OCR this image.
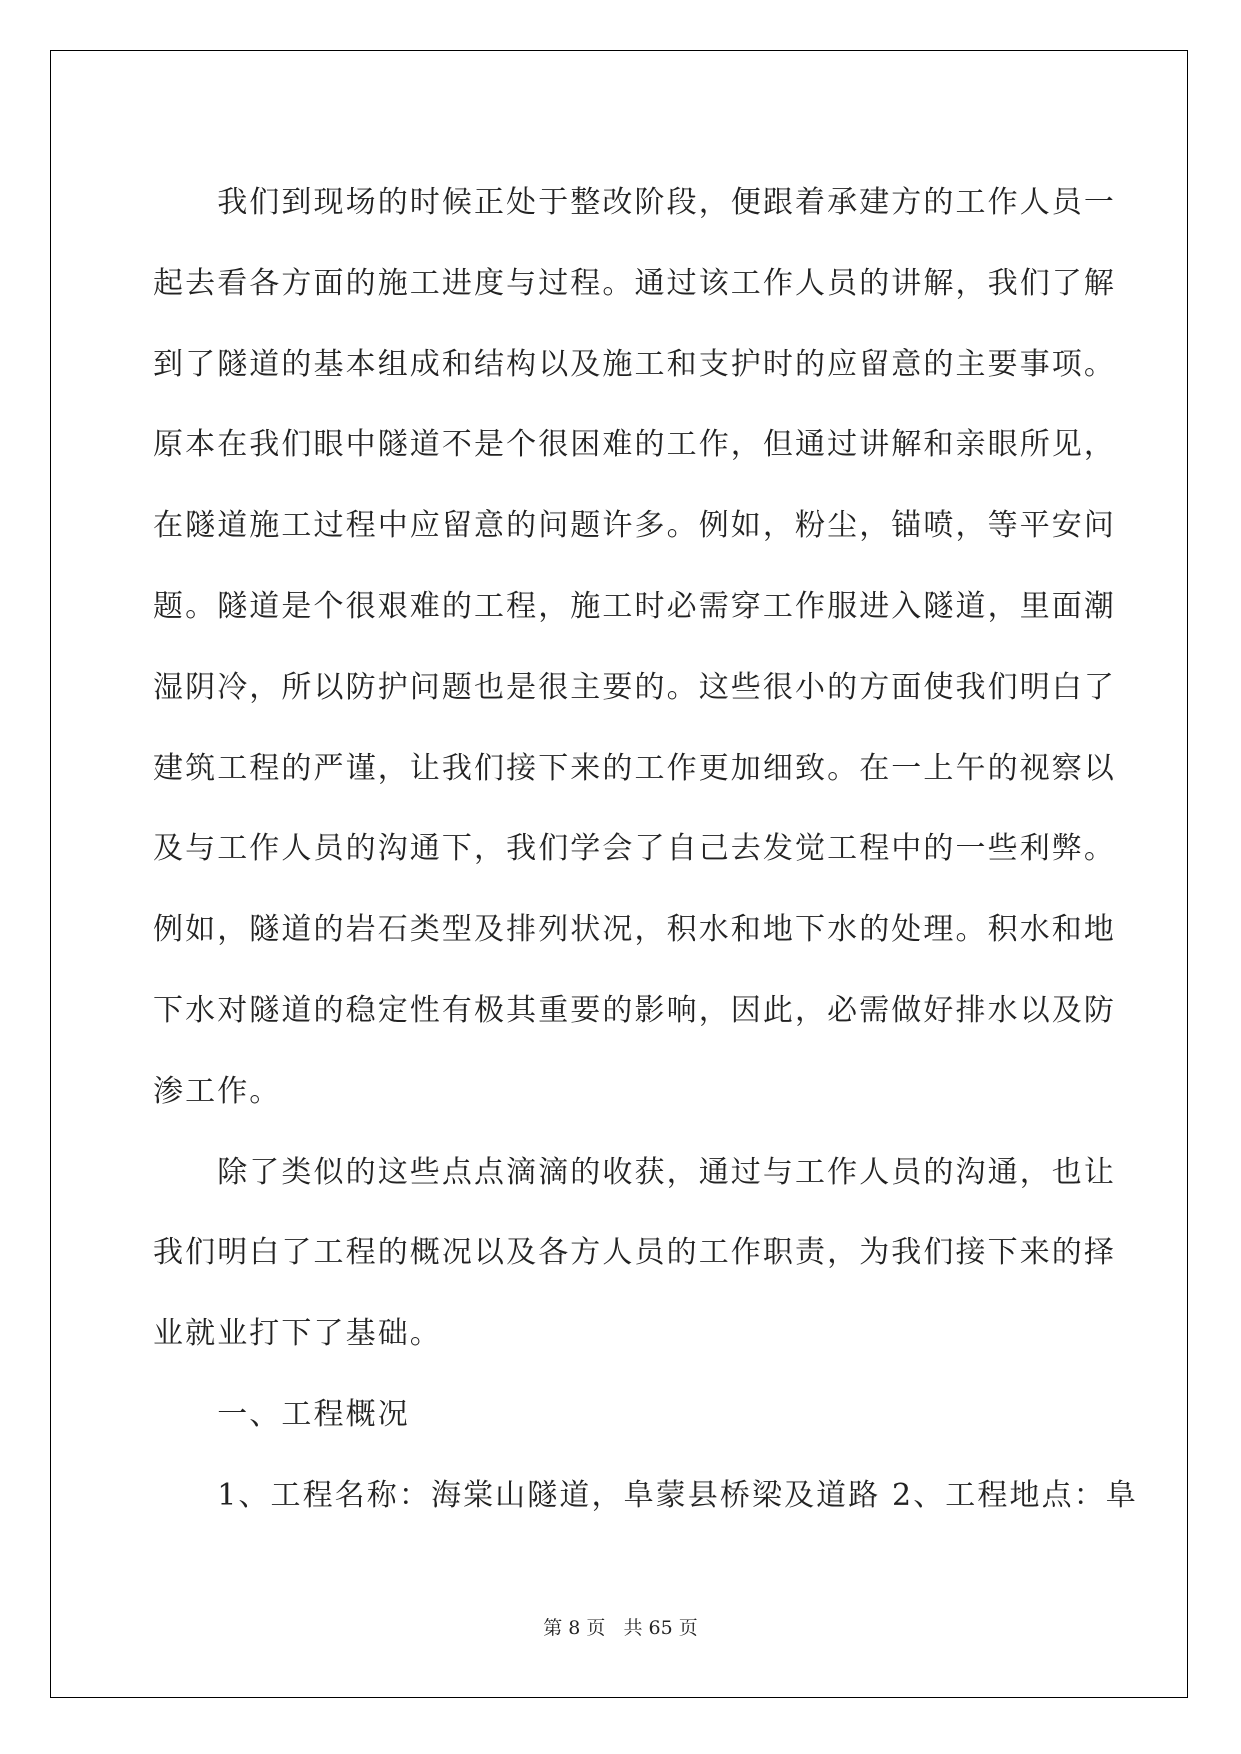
　　我们到现场的时候正处于整改阶段，便跟着承建方的工作人员一
起去看各方面的施工进度与过程。通过该工作人员的讲解，我们了解
到了隧道的基本组成和结构以及施工和支护时的应留意的主要事项。
原本在我们眼中隧道不是个很困难的工作，但通过讲解和亲眼所见，
在隧道施工过程中应留意的问题许多。例如，粉尘，锚喷，等平安问
题。隧道是个很艰难的工程，施工时必需穿工作服进入隧道，里面潮
湿阴冷，所以防护问题也是很主要的。这些很小的方面使我们明白了
建筑工程的严谨，让我们接下来的工作更加细致。在一上午的视察以
及与工作人员的沟通下，我们学会了自己去发觉工程中的一些利弊。
例如，隧道的岩石类型及排列状况，积水和地下水的处理。积水和地
下水对隧道的稳定性有极其重要的影响，因此，必需做好排水以及防
渗工作。
　　除了类似的这些点点滴滴的收获，通过与工作人员的沟通，也让
我们明白了工程的概况以及各方人员的工作职责，为我们接下来的择
业就业打下了基础。
　　一、工程概况
　　1、工程名称：海棠山隧道，阜蒙县桥梁及道路 2、工程地点：阜
第 8 页   共 65 页
